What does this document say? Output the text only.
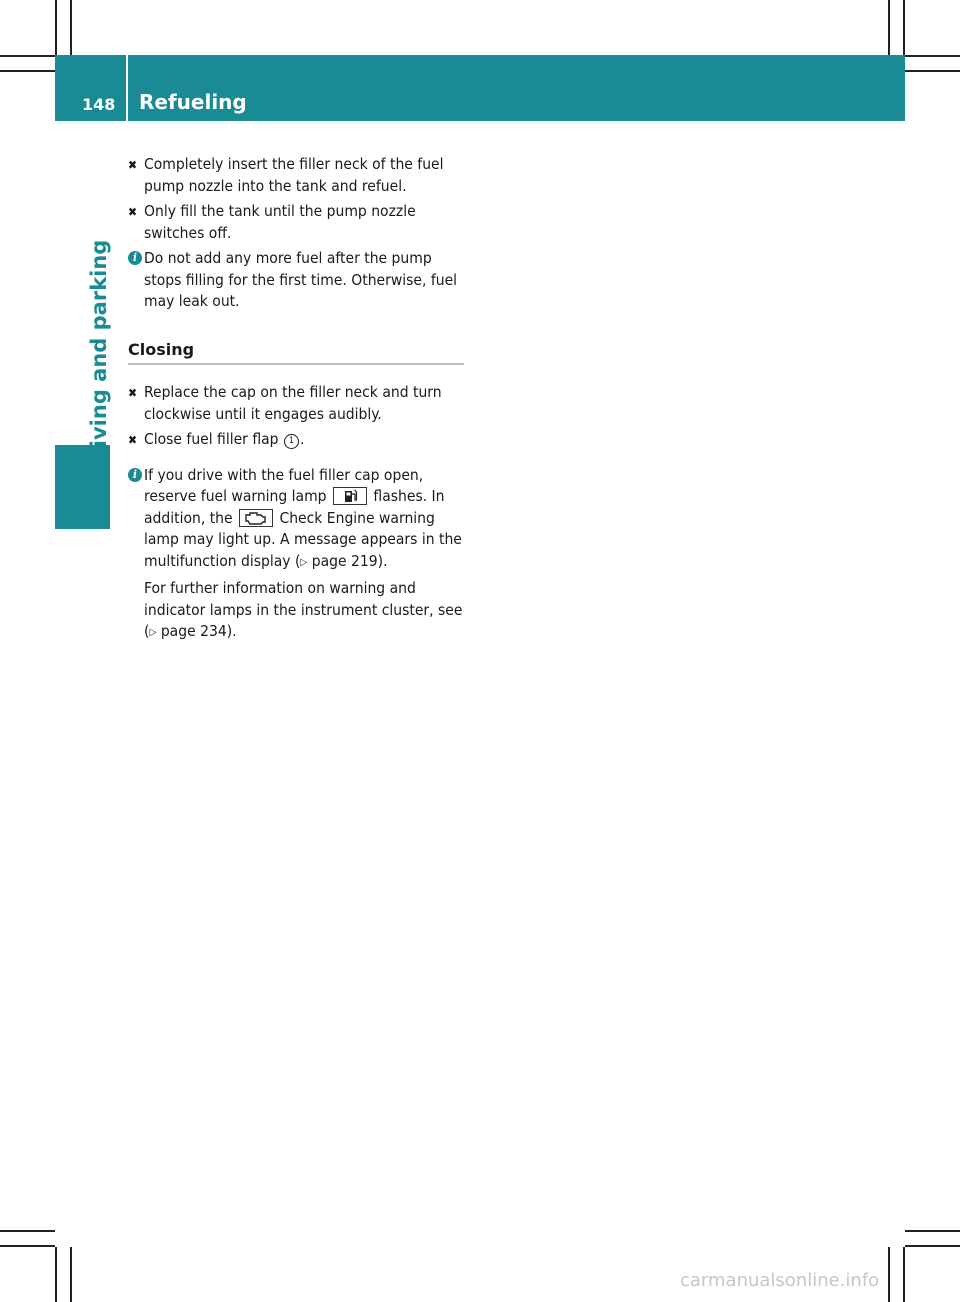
148 Refueling
Driving and parking

✖ Completely insert the filler neck of the fuel pump nozzle into the tank and refuel.

✖ Only fill the tank until the pump nozzle switches off.

i Do not add any more fuel after the pump stops filling for the first time. Otherwise, fuel may leak out.

Closing

✖ Replace the cap on the filler neck and turn clockwise until it engages audibly.

✖ Close fuel filler flap 1 .

i If you drive with the fuel filler cap open, reserve fuel warning lamp	flashes. In addition, the	Check Engine warning lamp may light up. A message appears in the multifunction display (▷ page 219).

For further information on warning and indicator lamps in the instrument cluster, see (▷ page 234).

carmanualsonline.info
